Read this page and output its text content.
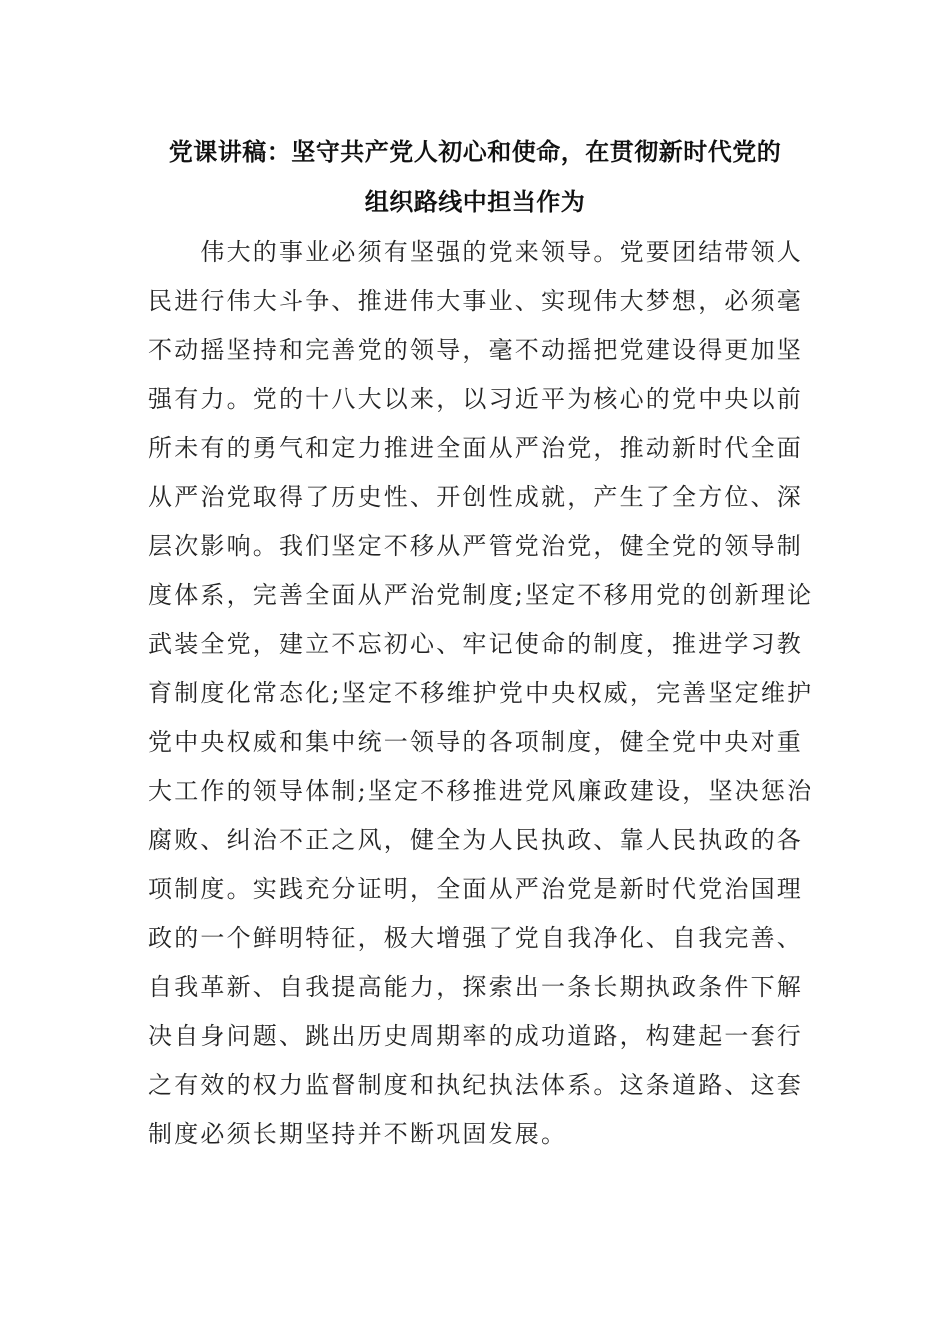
党课讲稿：坚守共产党人初心和使命，在贯彻新时代党的
组织路线中担当作为
　　伟大的事业必须有坚强的党来领导。党要团结带领人
民进行伟大斗争、推进伟大事业、实现伟大梦想，必须毫
不动摇坚持和完善党的领导，毫不动摇把党建设得更加坚
强有力。党的十八大以来，以习近平为核心的党中央以前
所未有的勇气和定力推进全面从严治党，推动新时代全面
从严治党取得了历史性、开创性成就，产生了全方位、深
层次影响。我们坚定不移从严管党治党，健全党的领导制
度体系，完善全面从严治党制度;坚定不移用党的创新理论
武装全党，建立不忘初心、牢记使命的制度，推进学习教
育制度化常态化;坚定不移维护党中央权威，完善坚定维护
党中央权威和集中统一领导的各项制度，健全党中央对重
大工作的领导体制;坚定不移推进党风廉政建设，坚决惩治
腐败、纠治不正之风，健全为人民执政、靠人民执政的各
项制度。实践充分证明，全面从严治党是新时代党治国理
政的一个鲜明特征，极大增强了党自我净化、自我完善、
自我革新、自我提高能力，探索出一条长期执政条件下解
决自身问题、跳出历史周期率的成功道路，构建起一套行
之有效的权力监督制度和执纪执法体系。这条道路、这套
制度必须长期坚持并不断巩固发展。
